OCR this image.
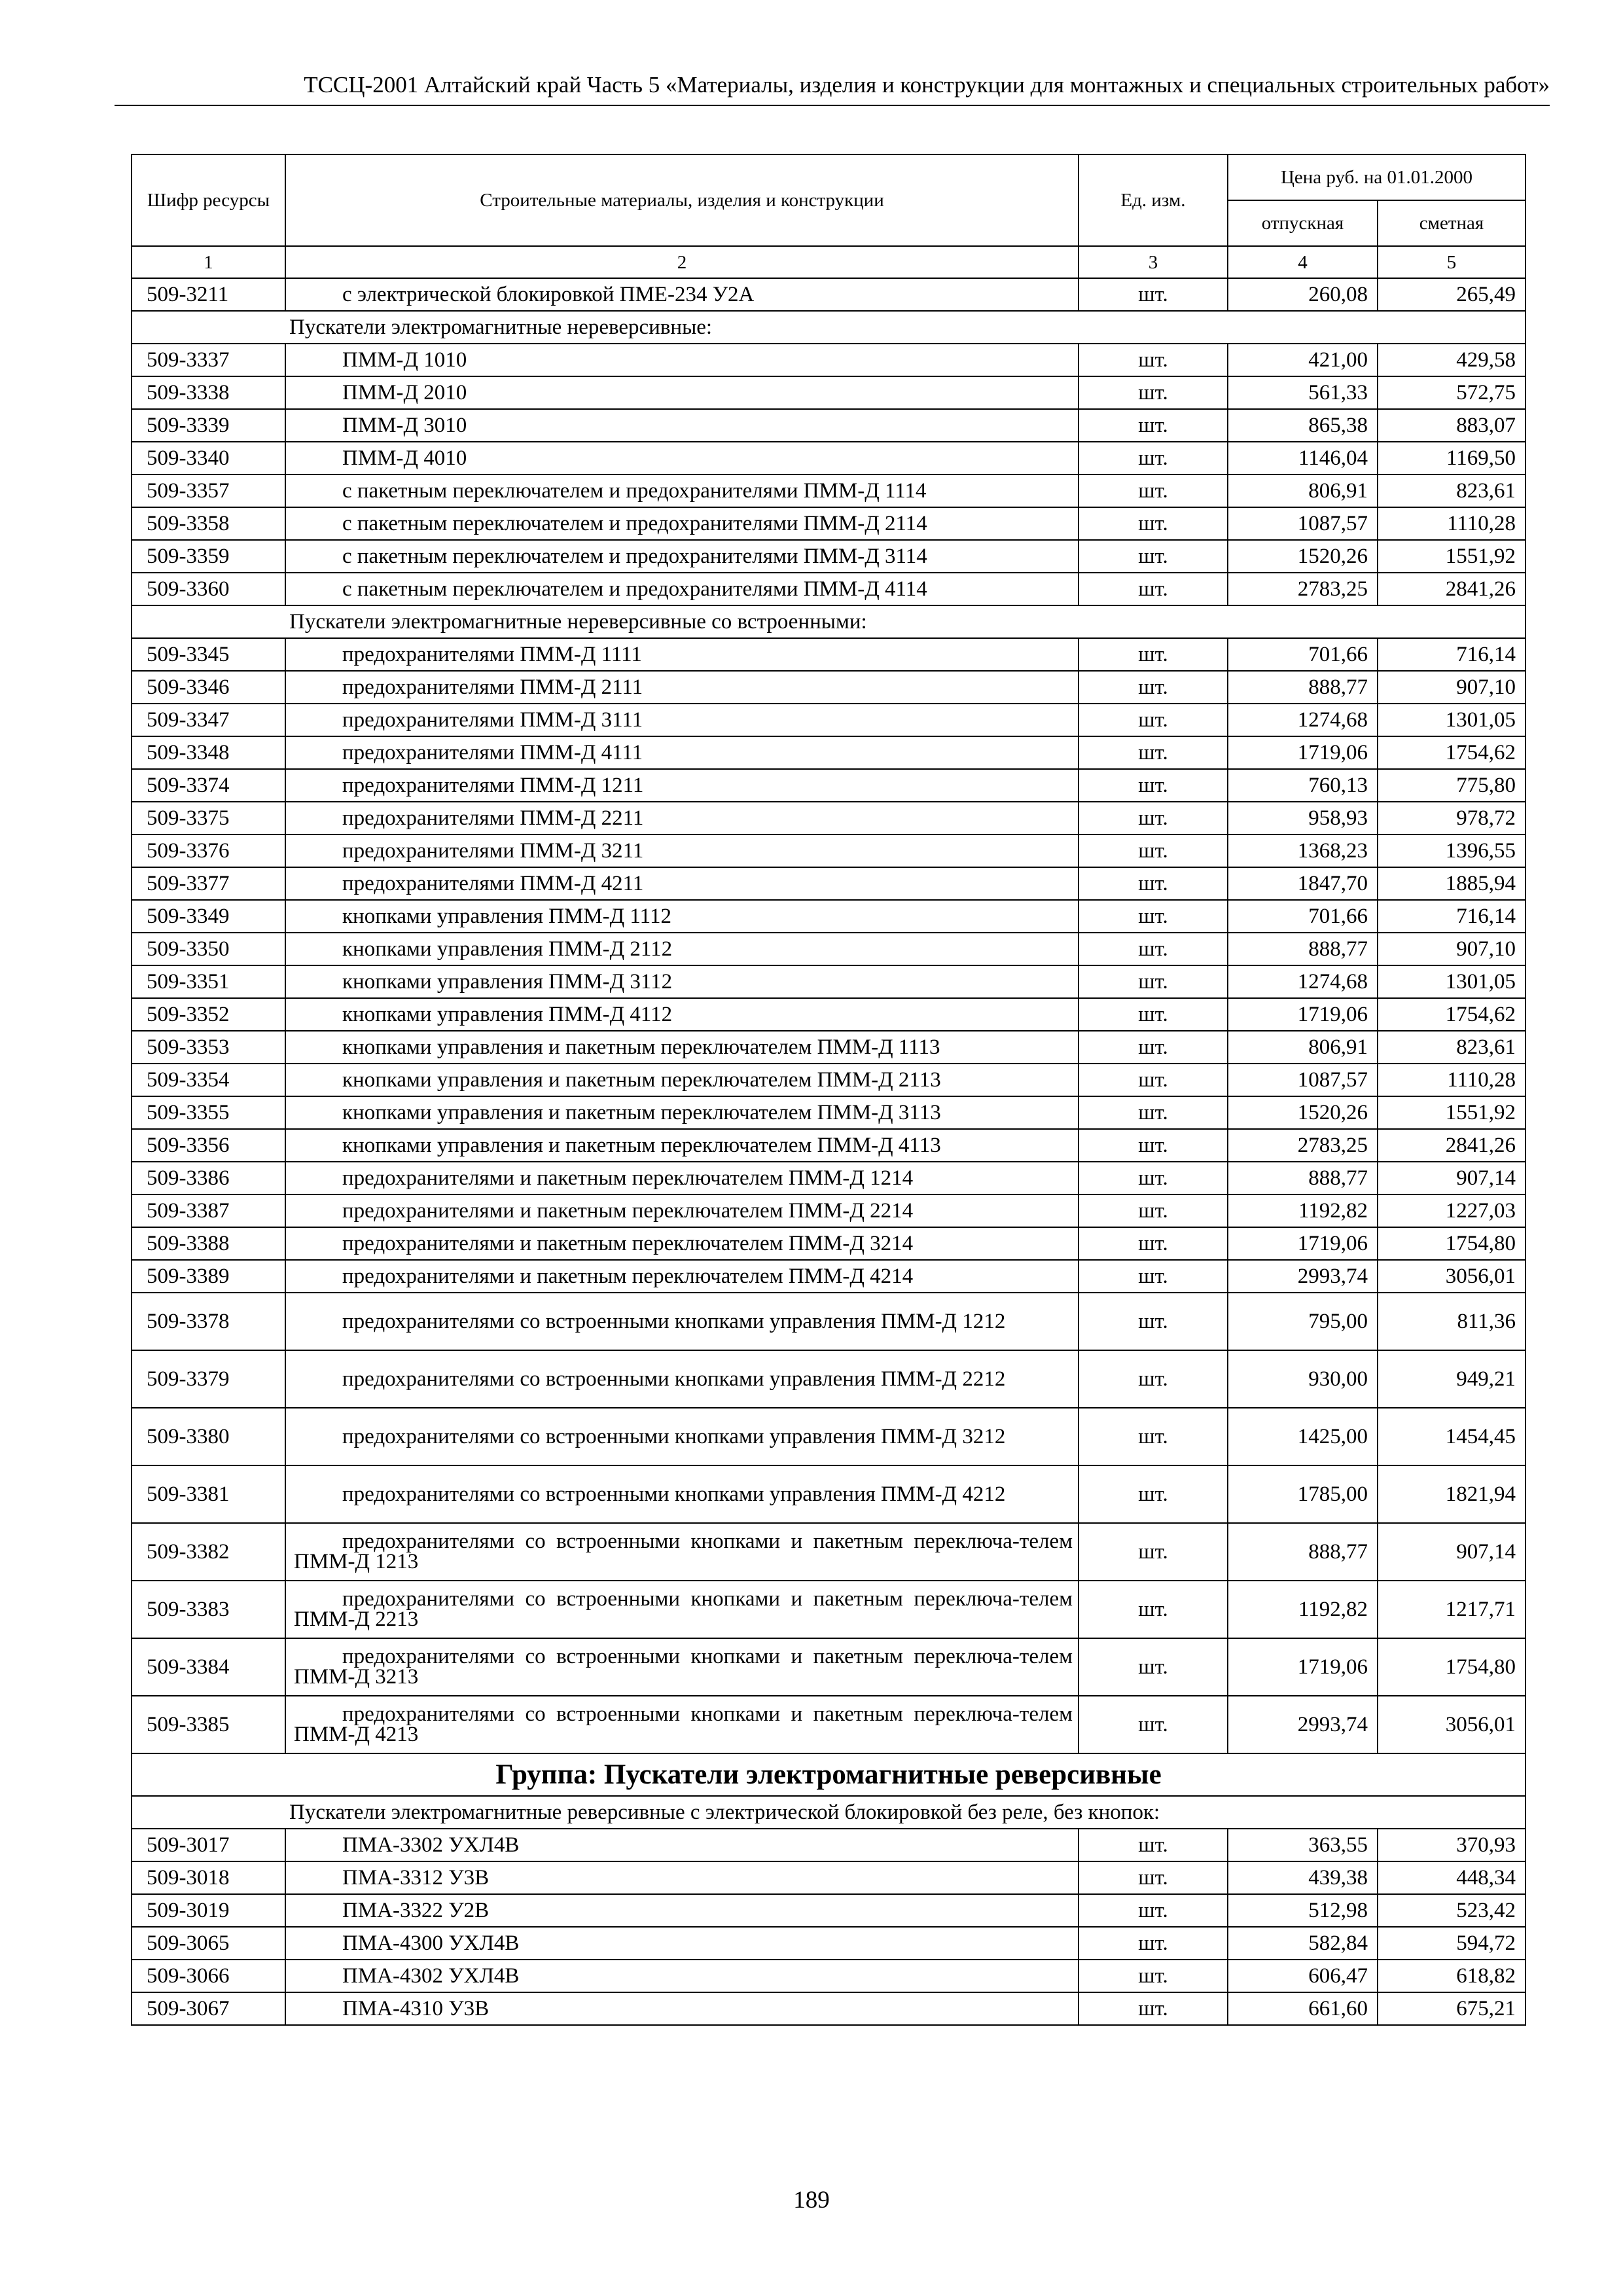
ТССЦ-2001 Алтайский край Часть 5 «Материалы, изделия и конструкции для монтажных и специальных строительных работ»
Шифр ресурсы	Строительные материалы, изделия и конструкции	Ед. изм.	Цена руб. на 01.01.2000	
			отпускная	сметная
1	2	3	4	5
509-3211	с электрической блокировкой ПМЕ-234 У2А	шт.	260,08	265,49
Пускатели электромагнитные нереверсивные:				
509-3337	ПММ-Д 1010	шт.	421,00	429,58
509-3338	ПММ-Д 2010	шт.	561,33	572,75
509-3339	ПММ-Д 3010	шт.	865,38	883,07
509-3340	ПММ-Д 4010	шт.	1146,04	1169,50
509-3357	с пакетным переключателем и предохранителями ПММ-Д 1114	шт.	806,91	823,61
509-3358	с пакетным переключателем и предохранителями ПММ-Д 2114	шт.	1087,57	1110,28
509-3359	с пакетным переключателем и предохранителями ПММ-Д 3114	шт.	1520,26	1551,92
509-3360	с пакетным переключателем и предохранителями ПММ-Д 4114	шт.	2783,25	2841,26
Пускатели электромагнитные нереверсивные со встроенными:				
509-3345	предохранителями ПММ-Д 1111	шт.	701,66	716,14
509-3346	предохранителями ПММ-Д 2111	шт.	888,77	907,10
509-3347	предохранителями ПММ-Д 3111	шт.	1274,68	1301,05
509-3348	предохранителями ПММ-Д 4111	шт.	1719,06	1754,62
509-3374	предохранителями ПММ-Д 1211	шт.	760,13	775,80
509-3375	предохранителями ПММ-Д 2211	шт.	958,93	978,72
509-3376	предохранителями ПММ-Д 3211	шт.	1368,23	1396,55
509-3377	предохранителями ПММ-Д 4211	шт.	1847,70	1885,94
509-3349	кнопками управления ПММ-Д 1112	шт.	701,66	716,14
509-3350	кнопками управления ПММ-Д 2112	шт.	888,77	907,10
509-3351	кнопками управления ПММ-Д 3112	шт.	1274,68	1301,05
509-3352	кнопками управления ПММ-Д 4112	шт.	1719,06	1754,62
509-3353	кнопками управления и пакетным переключателем ПММ-Д 1113	шт.	806,91	823,61
509-3354	кнопками управления и пакетным переключателем ПММ-Д 2113	шт.	1087,57	1110,28
509-3355	кнопками управления и пакетным переключателем ПММ-Д 3113	шт.	1520,26	1551,92
509-3356	кнопками управления и пакетным переключателем ПММ-Д 4113	шт.	2783,25	2841,26
509-3386	предохранителями и пакетным переключателем ПММ-Д 1214	шт.	888,77	907,14
509-3387	предохранителями и пакетным переключателем ПММ-Д 2214	шт.	1192,82	1227,03
509-3388	предохранителями и пакетным переключателем ПММ-Д 3214	шт.	1719,06	1754,80
509-3389	предохранителями и пакетным переключателем ПММ-Д 4214	шт.	2993,74	3056,01
509-3378	предохранителями со встроенными кнопками управления ПММ-Д 1212	шт.	795,00	811,36
509-3379	предохранителями со встроенными кнопками управления ПММ-Д 2212	шт.	930,00	949,21
509-3380	предохранителями со встроенными кнопками управления ПММ-Д 3212	шт.	1425,00	1454,45
509-3381	предохранителями со встроенными кнопками управления ПММ-Д 4212	шт.	1785,00	1821,94
509-3382	предохранителями со встроенными кнопками и пакетным переключа-телем ПММ-Д 1213	шт.	888,77	907,14
509-3383	предохранителями со встроенными кнопками и пакетным переключа-телем ПММ-Д 2213	шт.	1192,82	1217,71
509-3384	предохранителями со встроенными кнопками и пакетным переключа-телем ПММ-Д 3213	шт.	1719,06	1754,80
509-3385	предохранителями со встроенными кнопками и пакетным переключа-телем ПММ-Д 4213	шт.	2993,74	3056,01
Группа: Пускатели электромагнитные реверсивные				
Пускатели электромагнитные реверсивные с электрической блокировкой без реле, без кнопок:				
509-3017	ПМА-3302 УХЛ4В	шт.	363,55	370,93
509-3018	ПМА-3312 У3В	шт.	439,38	448,34
509-3019	ПМА-3322 У2В	шт.	512,98	523,42
509-3065	ПМА-4300 УХЛ4В	шт.	582,84	594,72
509-3066	ПМА-4302 УХЛ4В	шт.	606,47	618,82
509-3067	ПМА-4310 У3В	шт.	661,60	675,21
189
